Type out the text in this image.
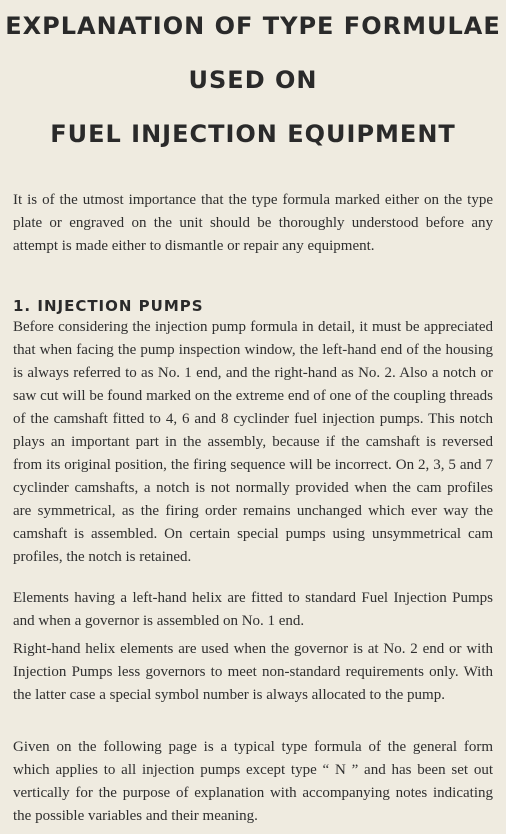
EXPLANATION OF TYPE FORMULAE
USED ON
FUEL INJECTION EQUIPMENT

It is of the utmost importance that the type formula marked either on the type plate or engraved on the unit should be thoroughly understood before any attempt is made either to dismantle or repair any equipment.

1. INJECTION PUMPS

Before considering the injection pump formula in detail, it must be appreciated that when facing the pump inspection window, the left-hand end of the housing is always referred to as No. 1 end, and the right-hand as No. 2. Also a notch or saw cut will be found marked on the extreme end of one of the coupling threads of the camshaft fitted to 4, 6 and 8 cyclinder fuel injection pumps. This notch plays an important part in the assembly, because if the camshaft is reversed from its original position, the firing sequence will be incorrect. On 2, 3, 5 and 7 cyclinder camshafts, a notch is not normally provided when the cam profiles are symmetrical, as the firing order remains unchanged which ever way the camshaft is assembled. On certain special pumps using unsymmetrical cam profiles, the notch is retained.

Elements having a left-hand helix are fitted to standard Fuel Injection Pumps and when a governor is assembled on No. 1 end.

Right-hand helix elements are used when the governor is at No. 2 end or with Injection Pumps less governors to meet non-standard requirements only. With the latter case a special symbol number is always allocated to the pump.

Given on the following page is a typical type formula of the general form which applies to all injection pumps except type “ N ” and has been set out vertically for the purpose of explanation with accompanying notes indicating the possible variables and their meaning.
